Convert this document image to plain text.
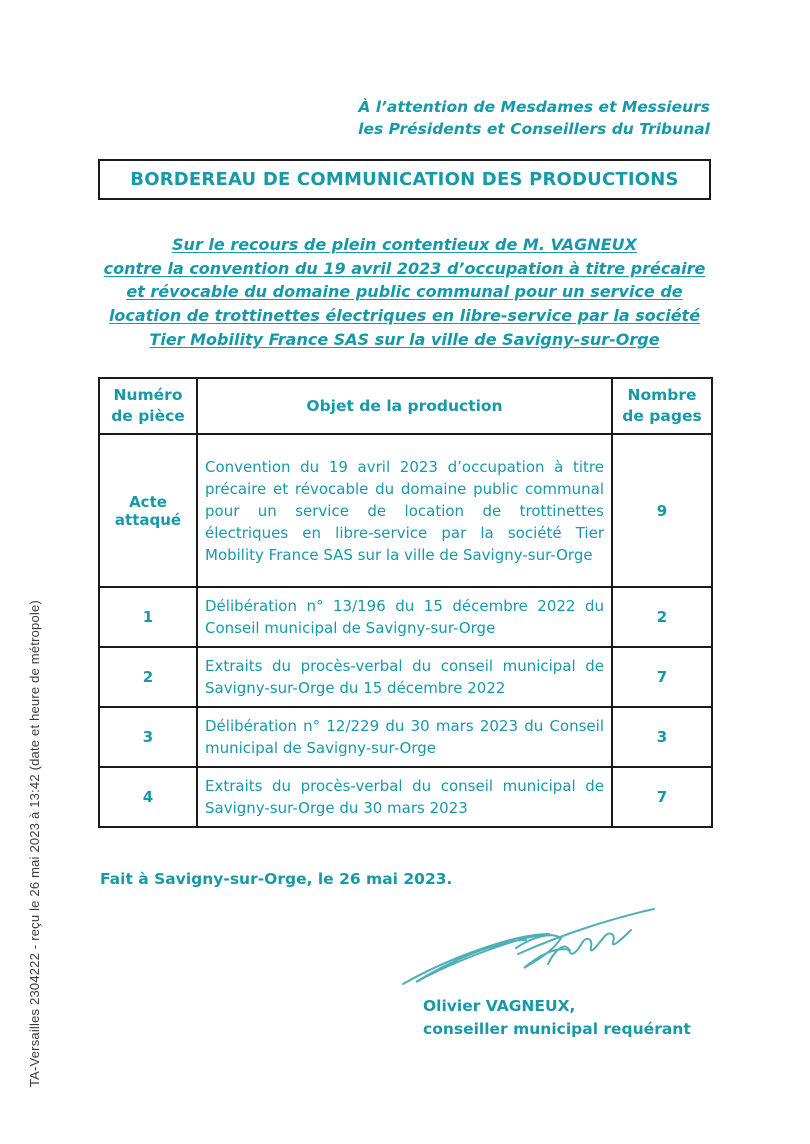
TA-Versailles 2304222 - reçu le 26 mai 2023 à 13:42 (date et heure de métropole)
À l’attention de Mesdames et Messieurs
les Présidents et Conseillers du Tribunal
BORDEREAU DE COMMUNICATION DES PRODUCTIONS
Sur le recours de plein contentieux de M. VAGNEUX
contre la convention du 19 avril 2023 d’occupation à titre précaire
et révocable du domaine public communal pour un service de
location de trottinettes électriques en libre-service par la société
Tier Mobility France SAS sur la ville de Savigny-sur-Orge
Numéro de pièce	Objet de la production	Nombre de pages
Acte attaqué	Convention du 19 avril 2023 d’occupation à titre précaire et révocable du domaine public communal pour un service de location de trottinettes électriques en libre-service par la société Tier Mobility France SAS sur la ville de Savigny-sur-Orge	9
1	Délibération n° 13/196 du 15 décembre 2022 du Conseil municipal de Savigny-sur-Orge	2
2	Extraits du procès-verbal du conseil municipal de Savigny-sur-Orge du 15 décembre 2022	7
3	Délibération n° 12/229 du 30 mars 2023 du Conseil municipal de Savigny-sur-Orge	3
4	Extraits du procès-verbal du conseil municipal de Savigny-sur-Orge du 30 mars 2023	7
Fait à Savigny-sur-Orge, le 26 mai 2023.
Olivier VAGNEUX,
conseiller municipal requérant
